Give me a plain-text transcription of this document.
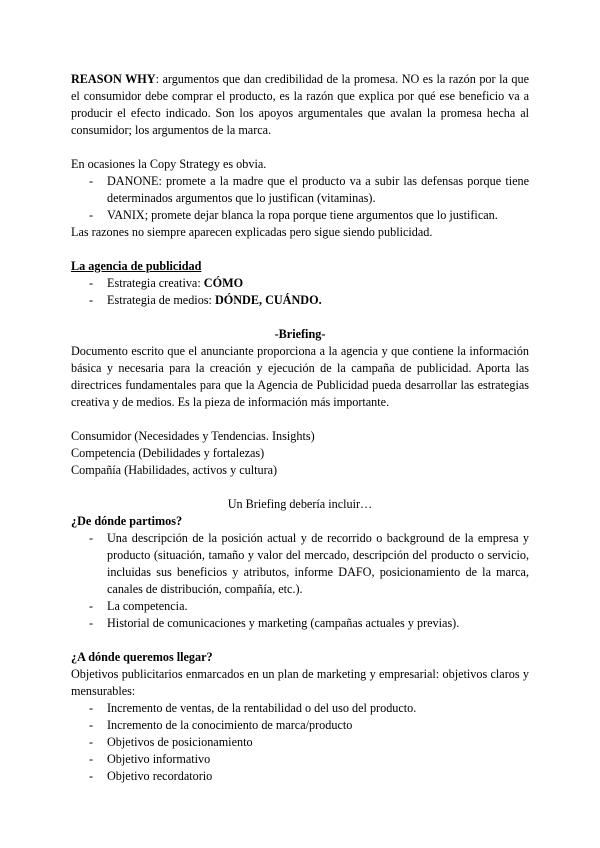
REASON WHY: argumentos que dan credibilidad de la promesa. NO es la razón por la que el consumidor debe comprar el producto, es la razón que explica por qué ese beneficio va a producir el efecto indicado. Son los apoyos argumentales que avalan la promesa hecha al consumidor; los argumentos de la marca.

En ocasiones la Copy Strategy es obvia.

- DANONE: promete a la madre que el producto va a subir las defensas porque tiene determinados argumentos que lo justifican (vitaminas).
- VANIX; promete dejar blanca la ropa porque tiene argumentos que lo justifican.

Las razones no siempre aparecen explicadas pero sigue siendo publicidad.

La agencia de publicidad

- Estrategia creativa: CÓMO
- Estrategia de medios: DÓNDE, CUÁNDO.

-Briefing-

Documento escrito que el anunciante proporciona a la agencia y que contiene la información básica y necesaria para la creación y ejecución de la campaña de publicidad. Aporta las directrices fundamentales para que la Agencia de Publicidad pueda desarrollar las estrategias creativa y de medios. Es la pieza de información más importante.

Consumidor (Necesidades y Tendencias. Insights)

Competencia (Debilidades y fortalezas)

Compañía (Habilidades, activos y cultura)

Un Briefing debería incluir…

¿De dónde partimos?

- Una descripción de la posición actual y de recorrido o background de la empresa y producto (situación, tamaño y valor del mercado, descripción del producto o servicio, incluidas sus beneficios y atributos, informe DAFO, posicionamiento de la marca, canales de distribución, compañía, etc.).
- La competencia.
- Historial de comunicaciones y marketing (campañas actuales y previas).

¿A dónde queremos llegar?

Objetivos publicitarios enmarcados en un plan de marketing y empresarial: objetivos claros y mensurables:

- Incremento de ventas, de la rentabilidad o del uso del producto.
- Incremento de la conocimiento de marca/producto
- Objetivos de posicionamiento
- Objetivo informativo
- Objetivo recordatorio
